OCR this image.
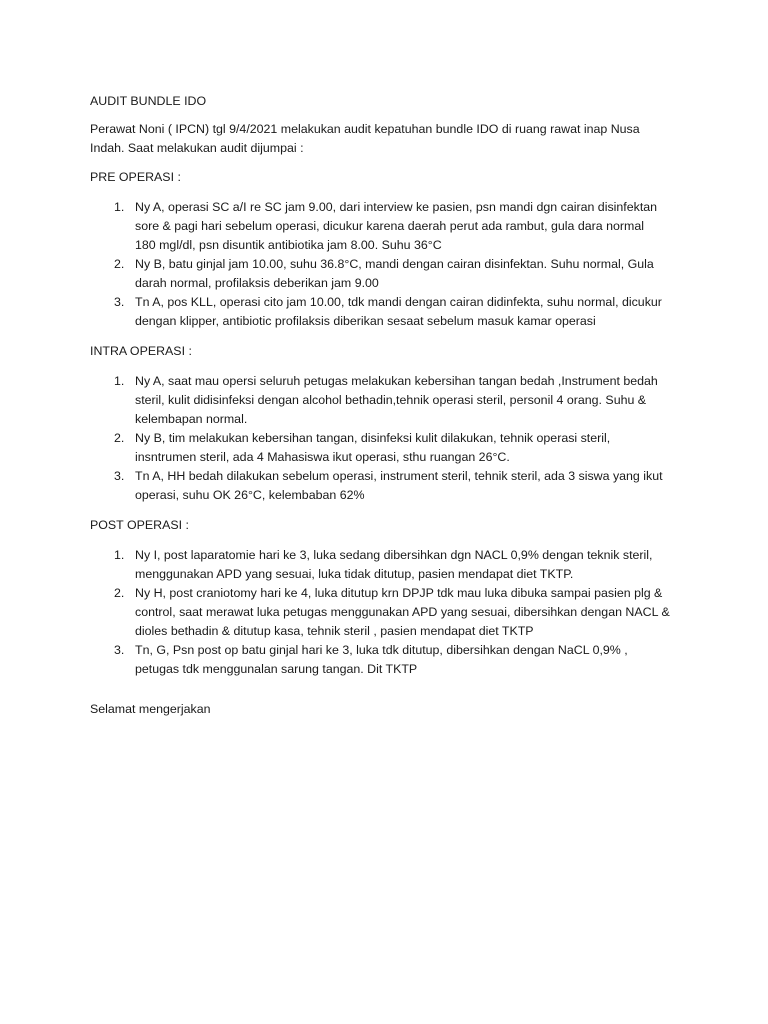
AUDIT BUNDLE IDO
Perawat Noni ( IPCN) tgl 9/4/2021 melakukan audit kepatuhan bundle IDO di ruang rawat inap Nusa
Indah. Saat melakukan audit dijumpai :
PRE OPERASI :
1. Ny A, operasi SC a/I re SC jam 9.00, dari interview ke pasien, psn mandi dgn cairan disinfektan
sore & pagi hari sebelum operasi, dicukur karena daerah perut ada rambut, gula dara normal
180 mgl/dl, psn disuntik antibiotika jam 8.00. Suhu 36°C
2. Ny B, batu ginjal jam 10.00, suhu 36.8°C, mandi dengan cairan disinfektan. Suhu normal, Gula
darah normal, profilaksis deberikan jam 9.00
3. Tn A, pos KLL, operasi cito jam 10.00, tdk mandi dengan cairan didinfekta, suhu normal, dicukur
dengan klipper, antibiotic profilaksis diberikan sesaat sebelum masuk kamar operasi
INTRA OPERASI :
1. Ny A, saat mau opersi seluruh petugas melakukan kebersihan tangan bedah ,Instrument bedah
steril, kulit didisinfeksi dengan alcohol bethadin,tehnik operasi steril, personil 4 orang. Suhu &
kelembapan normal.
2. Ny B, tim melakukan kebersihan tangan, disinfeksi kulit dilakukan, tehnik operasi steril,
insntrumen steril, ada 4 Mahasiswa ikut operasi, sthu ruangan 26°C.
3. Tn A, HH bedah dilakukan sebelum operasi, instrument steril, tehnik steril, ada 3 siswa yang ikut
operasi, suhu OK 26°C, kelembaban 62%
POST OPERASI :
1. Ny I, post laparatomie hari ke 3, luka sedang dibersihkan dgn NACL 0,9% dengan teknik steril,
menggunakan APD yang sesuai, luka tidak ditutup, pasien mendapat diet TKTP.
2. Ny H, post craniotomy hari ke 4, luka ditutup krn DPJP tdk mau luka dibuka sampai pasien plg &
control, saat merawat luka petugas menggunakan APD yang sesuai, dibersihkan dengan NACL &
dioles bethadin & ditutup kasa, tehnik steril , pasien mendapat diet TKTP
3. Tn, G, Psn post op batu ginjal hari ke 3, luka tdk ditutup, dibersihkan dengan NaCL 0,9% ,
petugas tdk menggunalan sarung tangan. Dit TKTP
Selamat mengerjakan
